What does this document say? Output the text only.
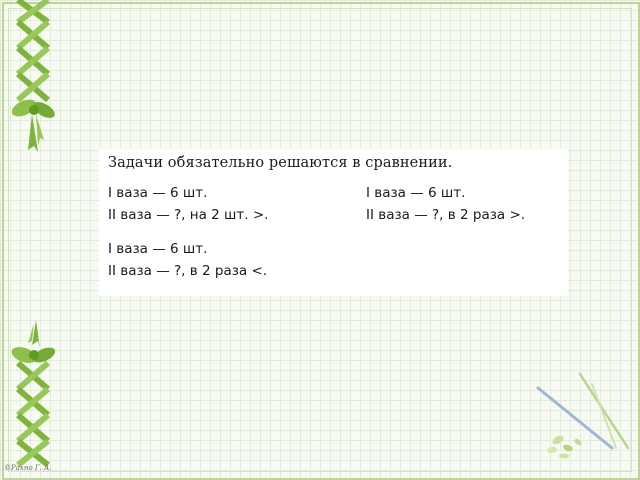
Задачи обязательно решаются в сравнении.
I ваза — 6 шт.
II ваза — ?, на 2 шт. >.
I ваза — 6 шт.
II ваза — ?, в 2 раза >.
I ваза — 6 шт.
II ваза — ?, в 2 раза <.
©Рахно Г. А.
